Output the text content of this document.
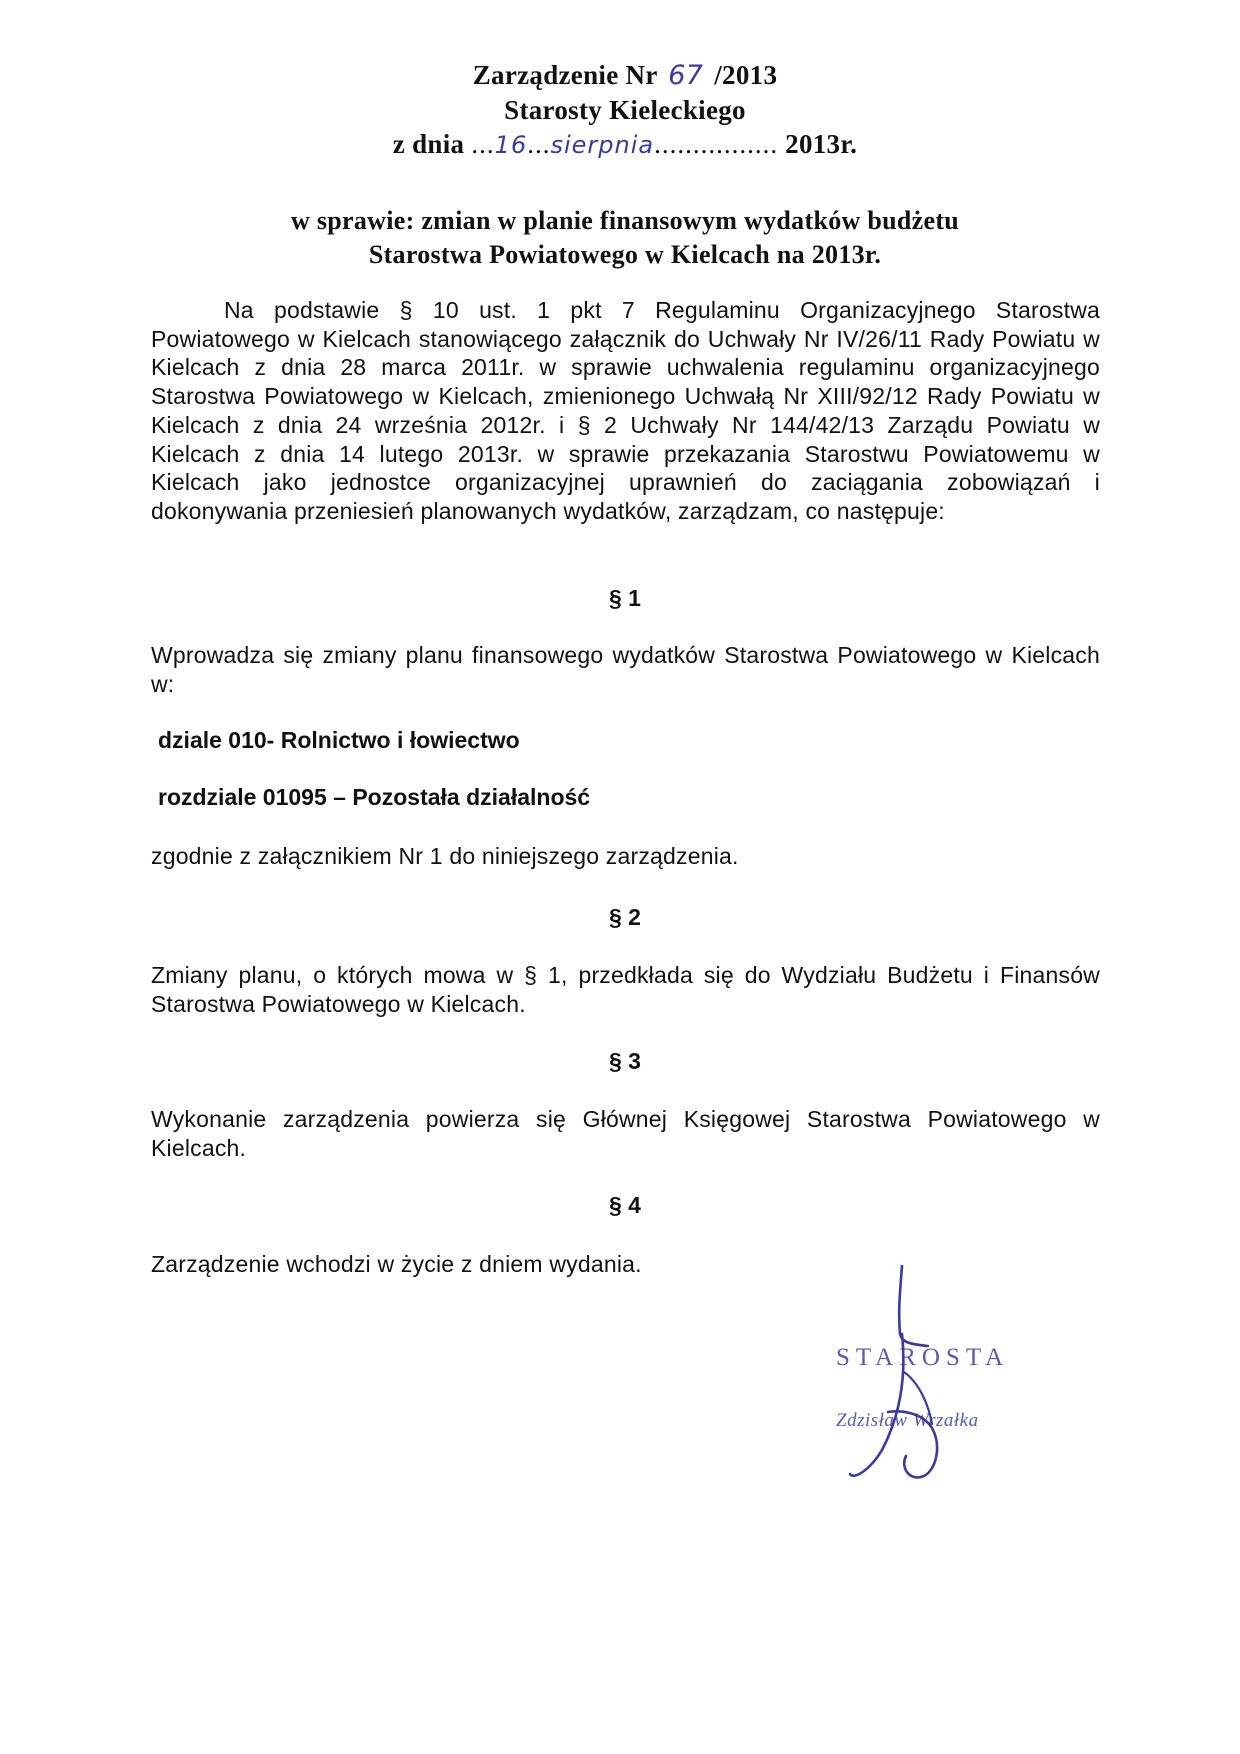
Zarządzenie Nr 67 /2013
Starosty Kieleckiego
z dnia ...16...sierpnia................ 2013r.
w sprawie: zmian w planie finansowym wydatków budżetu
Starostwa Powiatowego w Kielcach na 2013r.
Na podstawie § 10 ust. 1 pkt 7 Regulaminu Organizacyjnego Starostwa Powiatowego w Kielcach stanowiącego załącznik do Uchwały Nr IV/26/11 Rady Powiatu w Kielcach z dnia 28 marca 2011r. w sprawie uchwalenia regulaminu organizacyjnego Starostwa Powiatowego w Kielcach, zmienionego Uchwałą Nr XIII/92/12 Rady Powiatu w Kielcach z dnia 24 września 2012r. i § 2 Uchwały Nr 144/42/13 Zarządu Powiatu w Kielcach z dnia 14 lutego 2013r. w sprawie przekazania Starostwu Powiatowemu w Kielcach jako jednostce organizacyjnej uprawnień do zaciągania zobowiązań i dokonywania przeniesień planowanych wydatków, zarządzam, co następuje:
§ 1
Wprowadza się zmiany planu finansowego wydatków Starostwa Powiatowego w Kielcach w:
dziale 010- Rolnictwo i łowiectwo
rozdziale 01095 – Pozostała działalność
zgodnie z załącznikiem Nr 1 do niniejszego zarządzenia.
§ 2
Zmiany planu, o których mowa w § 1, przedkłada się do Wydziału Budżetu i Finansów Starostwa Powiatowego w Kielcach.
§ 3
Wykonanie zarządzenia powierza się Głównej Księgowej Starostwa Powiatowego w Kielcach.
§ 4
Zarządzenie wchodzi w życie z dniem wydania.
STAROSTA
Zdzisław Wrzałka
